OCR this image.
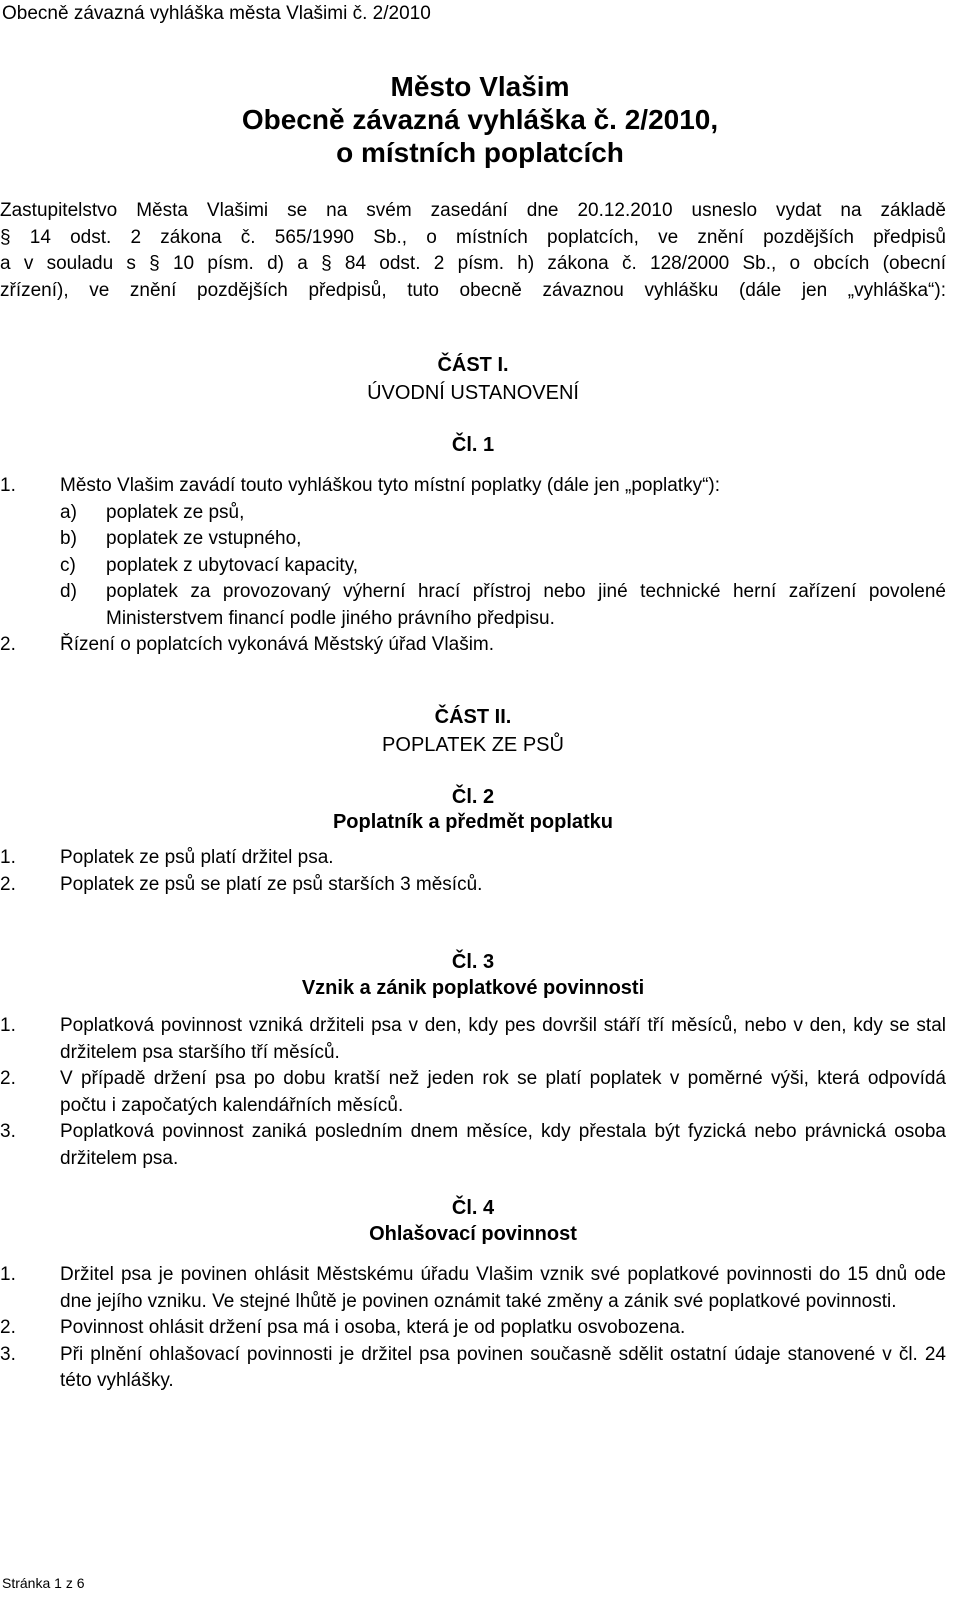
Obecně závazná vyhláška města Vlašimi č. 2/2010
Město Vlašim
Obecně závazná vyhláška č. 2/2010,
o místních poplatcích
Zastupitelstvo Města Vlašimi se na svém zasedání dne 20.12.2010 usneslo vydat na základě
§ 14 odst. 2 zákona č. 565/1990 Sb., o místních poplatcích, ve znění pozdějších předpisů
a v souladu s § 10 písm. d) a § 84 odst. 2 písm. h) zákona č. 128/2000 Sb., o obcích (obecní
zřízení), ve znění pozdějších předpisů, tuto obecně závaznou vyhlášku (dále jen „vyhláška“):
ČÁST I.
ÚVODNÍ USTANOVENÍ
Čl. 1
1. Město Vlašim zavádí touto vyhláškou tyto místní poplatky (dále jen „poplatky“):
a) poplatek ze psů,
b) poplatek ze vstupného,
c) poplatek z ubytovací kapacity,
d) poplatek za provozovaný výherní hrací přístroj nebo jiné technické herní zařízení povolené Ministerstvem financí podle jiného právního předpisu.
2. Řízení o poplatcích vykonává Městský úřad Vlašim.
ČÁST II.
POPLATEK ZE PSŮ
Čl. 2
Poplatník a předmět poplatku
1. Poplatek ze psů platí držitel psa.
2. Poplatek ze psů se platí ze psů starších 3 měsíců.
Čl. 3
Vznik a zánik poplatkové povinnosti
1. Poplatková povinnost vzniká držiteli psa v den, kdy pes dovršil stáří tří měsíců, nebo v den, kdy se stal držitelem psa staršího tří měsíců.
2. V případě držení psa po dobu kratší než jeden rok se platí poplatek v poměrné výši, která odpovídá počtu i započatých kalendářních měsíců.
3. Poplatková povinnost zaniká posledním dnem měsíce, kdy přestala být fyzická nebo právnická osoba držitelem psa.
Čl. 4
Ohlašovací povinnost
1. Držitel psa je povinen ohlásit Městskému úřadu Vlašim vznik své poplatkové povinnosti do 15 dnů ode dne jejího vzniku. Ve stejné lhůtě je povinen oznámit také změny a zánik své poplatkové povinnosti.
2. Povinnost ohlásit držení psa má i osoba, která je od poplatku osvobozena.
3. Při plnění ohlašovací povinnosti je držitel psa povinen současně sdělit ostatní údaje stanovené v čl. 24 této vyhlášky.
Stránka 1 z 6
